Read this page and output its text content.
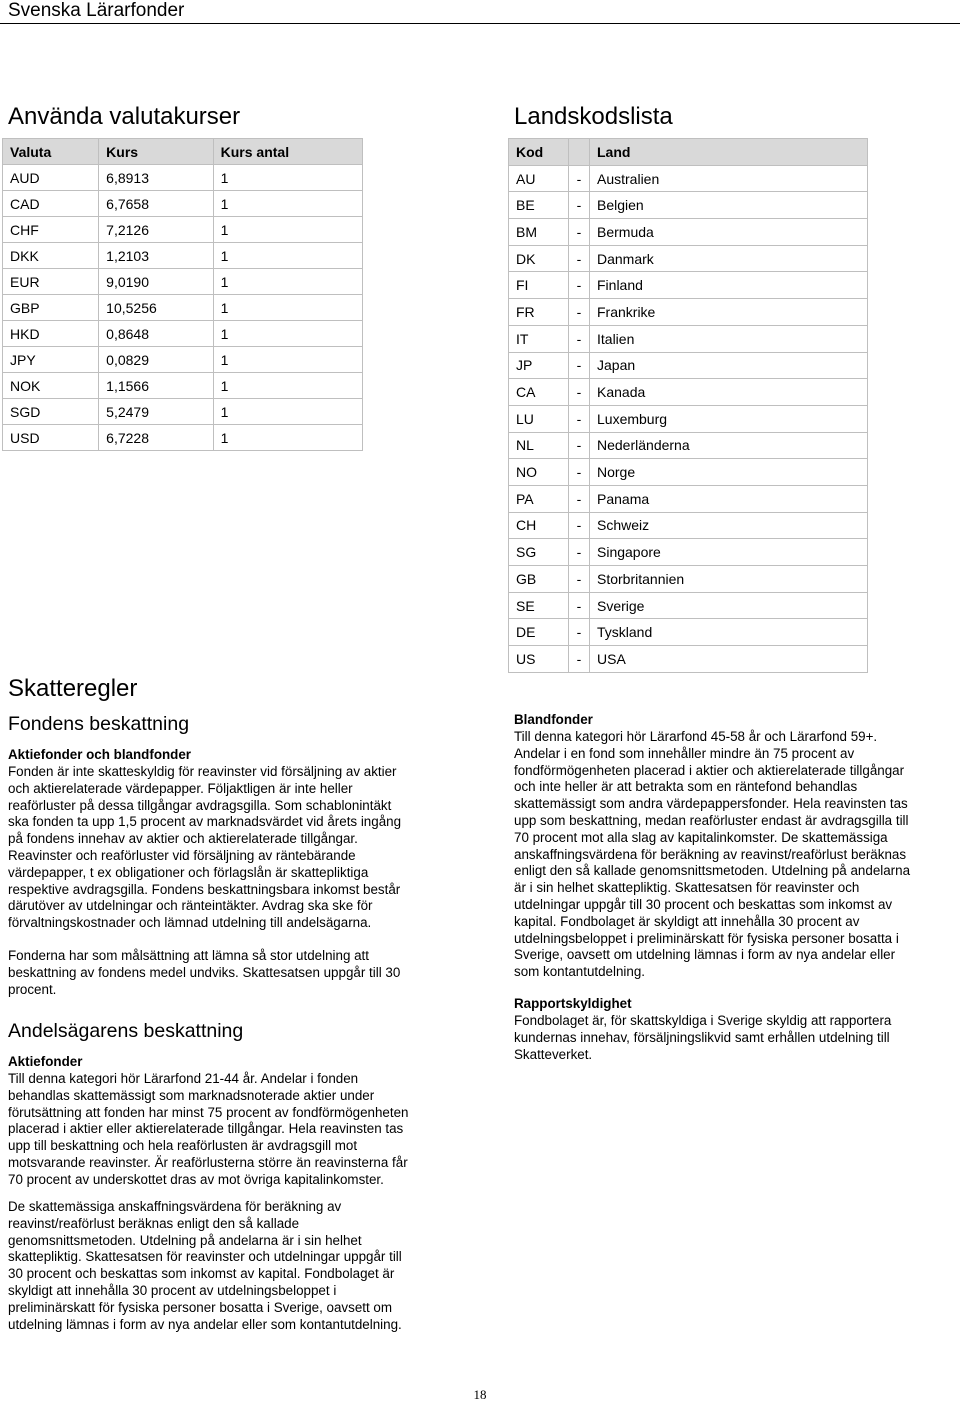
Svenska Lärarfonder
Använda valutakurser
Valuta	Kurs	Kurs antal
AUD	6,8913	1
CAD	6,7658	1
CHF	7,2126	1
DKK	1,2103	1
EUR	9,0190	1
GBP	10,5256	1
HKD	0,8648	1
JPY	0,0829	1
NOK	1,1566	1
SGD	5,2479	1
USD	6,7228	1
Landskodslista
Kod		Land
AU	-	Australien
BE	-	Belgien
BM	-	Bermuda
DK	-	Danmark
FI	-	Finland
FR	-	Frankrike
IT	-	Italien
JP	-	Japan
CA	-	Kanada
LU	-	Luxemburg
NL	-	Nederländerna
NO	-	Norge
PA	-	Panama
CH	-	Schweiz
SG	-	Singapore
GB	-	Storbritannien
SE	-	Sverige
DE	-	Tyskland
US	-	USA
Skatteregler
Fondens beskattning
Aktiefonder och blandfonder

Fonden är inte skatteskyldig för reavinster vid försäljning av aktier

och aktierelaterade värdepapper. Följaktligen är inte heller

reaförluster på dessa tillgångar avdragsgilla. Som schablonintäkt

ska fonden ta upp 1,5 procent av marknadsvärdet vid årets ingång

på fondens innehav av aktier och aktierelaterade tillgångar.

Reavinster och reaförluster vid försäljning av räntebärande

värdepapper, t ex obligationer och förlagslån är skattepliktiga

respektive avdragsgilla. Fondens beskattningsbara inkomst består

därutöver av utdelningar och ränteintäkter. Avdrag ska ske för

förvaltningskostnader och lämnad utdelning till andelsägarna.

Fonderna har som målsättning att lämna så stor utdelning att

beskattning av fondens medel undviks. Skattesatsen uppgår till 30

procent.

Andelsägarens beskattning
Aktiefonder

Till denna kategori hör Lärarfond 21-44 år. Andelar i fonden

behandlas skattemässigt som marknadsnoterade aktier under

förutsättning att fonden har minst 75 procent av fondförmögenheten

placerad i aktier eller aktierelaterade tillgångar. Hela reavinsten tas

upp till beskattning och hela reaförlusten är avdragsgill mot

motsvarande reavinster. Är reaförlusterna större än reavinsterna får

70 procent av underskottet dras av mot övriga kapitalinkomster.

De skattemässiga anskaffningsvärdena för beräkning av

reavinst/reaförlust beräknas enligt den så kallade

genomsnittsmetoden. Utdelning på andelarna är i sin helhet

skattepliktig. Skattesatsen för reavinster och utdelningar uppgår till

30 procent och beskattas som inkomst av kapital. Fondbolaget är

skyldigt att innehålla 30 procent av utdelningsbeloppet i

preliminärskatt för fysiska personer bosatta i Sverige, oavsett om

utdelning lämnas i form av nya andelar eller som kontantutdelning.

Blandfonder

Till denna kategori hör Lärarfond 45-58 år och Lärarfond 59+.

Andelar i en fond som innehåller mindre än 75 procent av

fondförmögenheten placerad i aktier och aktierelaterade tillgångar

och inte heller är att betrakta som en räntefond behandlas

skattemässigt som andra värdepappersfonder. Hela reavinsten tas

upp som beskattning, medan reaförluster endast är avdragsgilla till

70 procent mot alla slag av kapitalinkomster. De skattemässiga

anskaffningsvärdena för beräkning av reavinst/reaförlust beräknas

enligt den så kallade genomsnittsmetoden. Utdelning på andelarna

är i sin helhet skattepliktig. Skattesatsen för reavinster och

utdelningar uppgår till 30 procent och beskattas som inkomst av

kapital. Fondbolaget är skyldigt att innehålla 30 procent av

utdelningsbeloppet i preliminärskatt för fysiska personer bosatta i

Sverige, oavsett om utdelning lämnas i form av nya andelar eller

som kontantutdelning.

Rapportskyldighet

Fondbolaget är, för skattskyldiga i Sverige skyldig att rapportera

kundernas innehav, försäljningslikvid samt erhållen utdelning till

Skatteverket.

18
